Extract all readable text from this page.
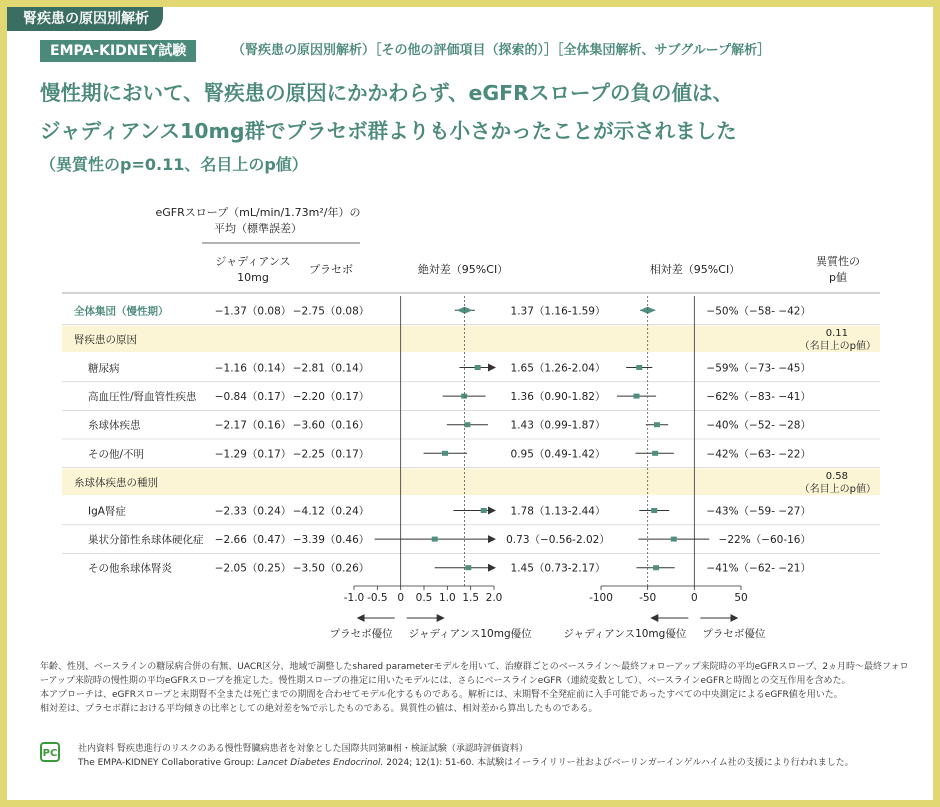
腎疾患の原因別解析
EMPA-KIDNEY試験	（腎疾患の原因別解析）［その他の評価項目（探索的）］［全体集団解析、サブグループ解析］
慢性期において、腎疾患の原因にかかわらず、eGFRスロープの負の値は、
ジャディアンス10mg群でプラセボ群よりも小さかったことが示されました
（異質性のp=0.11、名目上のp値）
eGFRスロープ（mL/min/1.73m²/年）の
平均（標準誤差）
ジャディアンス
10mg
プラセボ	絶対差（95%CI）	相対差（95%CI）
異質性の
p値
全体集団（慢性期）	−1.37（0.08） −2.75（0.08）	1.37（1.16-1.59）	−50%（−58- −42）
腎疾患の原因
0.11
（名目上のp値）
糖尿病	−1.16（0.14） −2.81（0.14）	1.65（1.26-2.04）	−59%（−73- −45）
高血圧性/腎血管性疾患 −0.84（0.17） −2.20（0.17）	1.36（0.90-1.82）	−62%（−83- −41）
糸球体疾患	−2.17（0.16） −3.60（0.16）	1.43（0.99-1.87）	−40%（−52- −28）
その他/不明	−1.29（0.17） −2.25（0.17）	0.95（0.49-1.42）	−42%（−63- −22）
糸球体疾患の種別
0.58
（名目上のp値）
IgA腎症	−2.33（0.24） −4.12（0.24）	1.78（1.13-2.44）	−43%（−59- −27）
巣状分節性糸球体硬化症 −2.66（0.47） −3.39（0.46）	0.73（−0.56-2.02）	−22%（−60-16）
その他糸球体腎炎	−2.05（0.25） −3.50（0.26）	1.45（0.73-2.17）	−41%（−62- −21）
-1.0 -0.5 0 0.5 1.0 1.5 2.0
プラセボ優位 ジャディアンス10mg優位
-100 -50	0	50
ジャディアンス10mg優位 プラセボ優位

年齢、性別、ベースラインの糖尿病合併の有無、UACR区分、地域で調整したshared parameterモデルを用いて、治療群ごとのベースライン～最終フォローアップ来院時の平均eGFRスロープ、2ヵ月時～最終フォローアップ来院時の慢性期の平均eGFRスロープを推定した。慢性期スロープの推定に用いたモデルには、さらにベースラインeGFR（連続変数として）、ベースラインeGFRと時間との交互作用を含めた。

本アプローチは、eGFRスロープと末期腎不全または死亡までの期間を合わせてモデル化するものである。解析には、末期腎不全発症前に入手可能であったすべての中央測定によるeGFR値を用いた。

相対差は、プラセボ群における平均傾きの比率としての絶対差を%で示したものである。異質性の値は、相対差から算出したものである。

PC 社内資料 腎疾患進行のリスクのある慢性腎臓病患者を対象とした国際共同第Ⅲ相・検証試験（承認時評価資料）
The EMPA-KIDNEY Collaborative Group: Lancet Diabetes Endocrinol. 2024; 12(1): 51-60. 本試験はイーライリリー社およびベーリンガーインゲルハイム社の支援により行われました。
